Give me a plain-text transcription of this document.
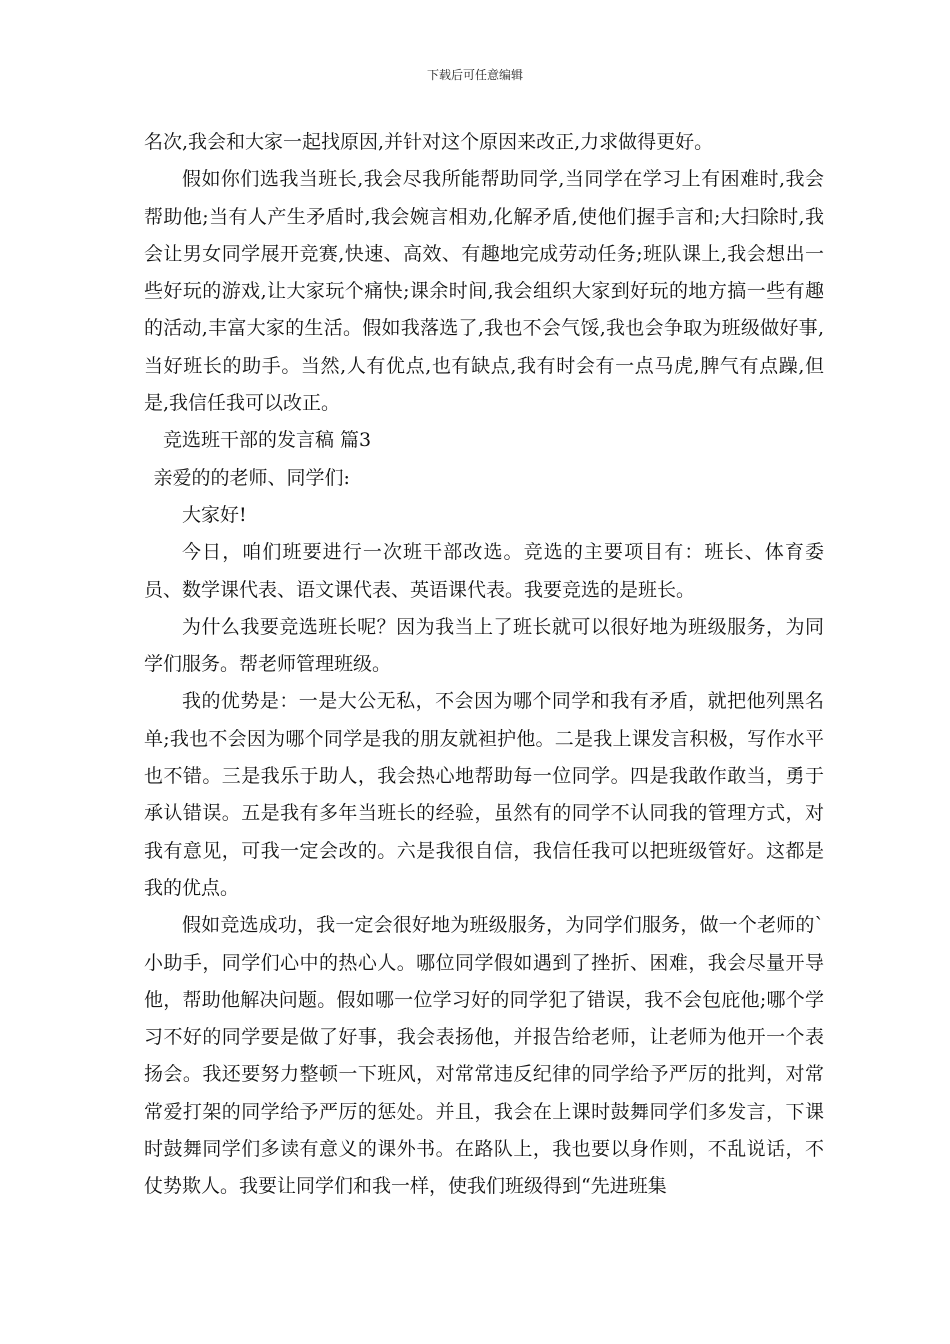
下载后可任意编辑

名次,我会和大家一起找原因,并针对这个原因来改正,力求做得更好。

假如你们选我当班长,我会尽我所能帮助同学,当同学在学习上有困难时,我会帮助他;当有人产生矛盾时,我会婉言相劝,化解矛盾,使他们握手言和;大扫除时,我会让男女同学展开竞赛,快速、高效、有趣地完成劳动任务;班队课上,我会想出一些好玩的游戏,让大家玩个痛快;课余时间,我会组织大家到好玩的地方搞一些有趣的活动,丰富大家的生活。假如我落选了,我也不会气馁,我也会争取为班级做好事,当好班长的助手。当然,人有优点,也有缺点,我有时会有一点马虎,脾气有点躁,但是,我信任我可以改正。

竞选班干部的发言稿 篇3

亲爱的的老师、同学们:

大家好!

今日，咱们班要进行一次班干部改选。竞选的主要项目有：班长、体育委员、数学课代表、语文课代表、英语课代表。我要竞选的是班长。

为什么我要竞选班长呢？因为我当上了班长就可以很好地为班级服务，为同学们服务。帮老师管理班级。

我的优势是：一是大公无私，不会因为哪个同学和我有矛盾，就把他列黑名单;我也不会因为哪个同学是我的朋友就袒护他。二是我上课发言积极，写作水平也不错。三是我乐于助人，我会热心地帮助每一位同学。四是我敢作敢当，勇于承认错误。五是我有多年当班长的经验，虽然有的同学不认同我的管理方式，对我有意见，可我一定会改的。六是我很自信，我信任我可以把班级管好。这都是我的优点。

假如竞选成功，我一定会很好地为班级服务，为同学们服务，做一个老师的`小助手，同学们心中的热心人。哪位同学假如遇到了挫折、困难，我会尽量开导他，帮助他解决问题。假如哪一位学习好的同学犯了错误，我不会包庇他;哪个学习不好的同学要是做了好事，我会表扬他，并报告给老师，让老师为他开一个表扬会。我还要努力整顿一下班风，对常常违反纪律的同学给予严厉的批判，对常常爱打架的同学给予严厉的惩处。并且，我会在上课时鼓舞同学们多发言，下课时鼓舞同学们多读有意义的课外书。在路队上，我也要以身作则，不乱说话，不仗势欺人。我要让同学们和我一样，使我们班级得到“先进班集
